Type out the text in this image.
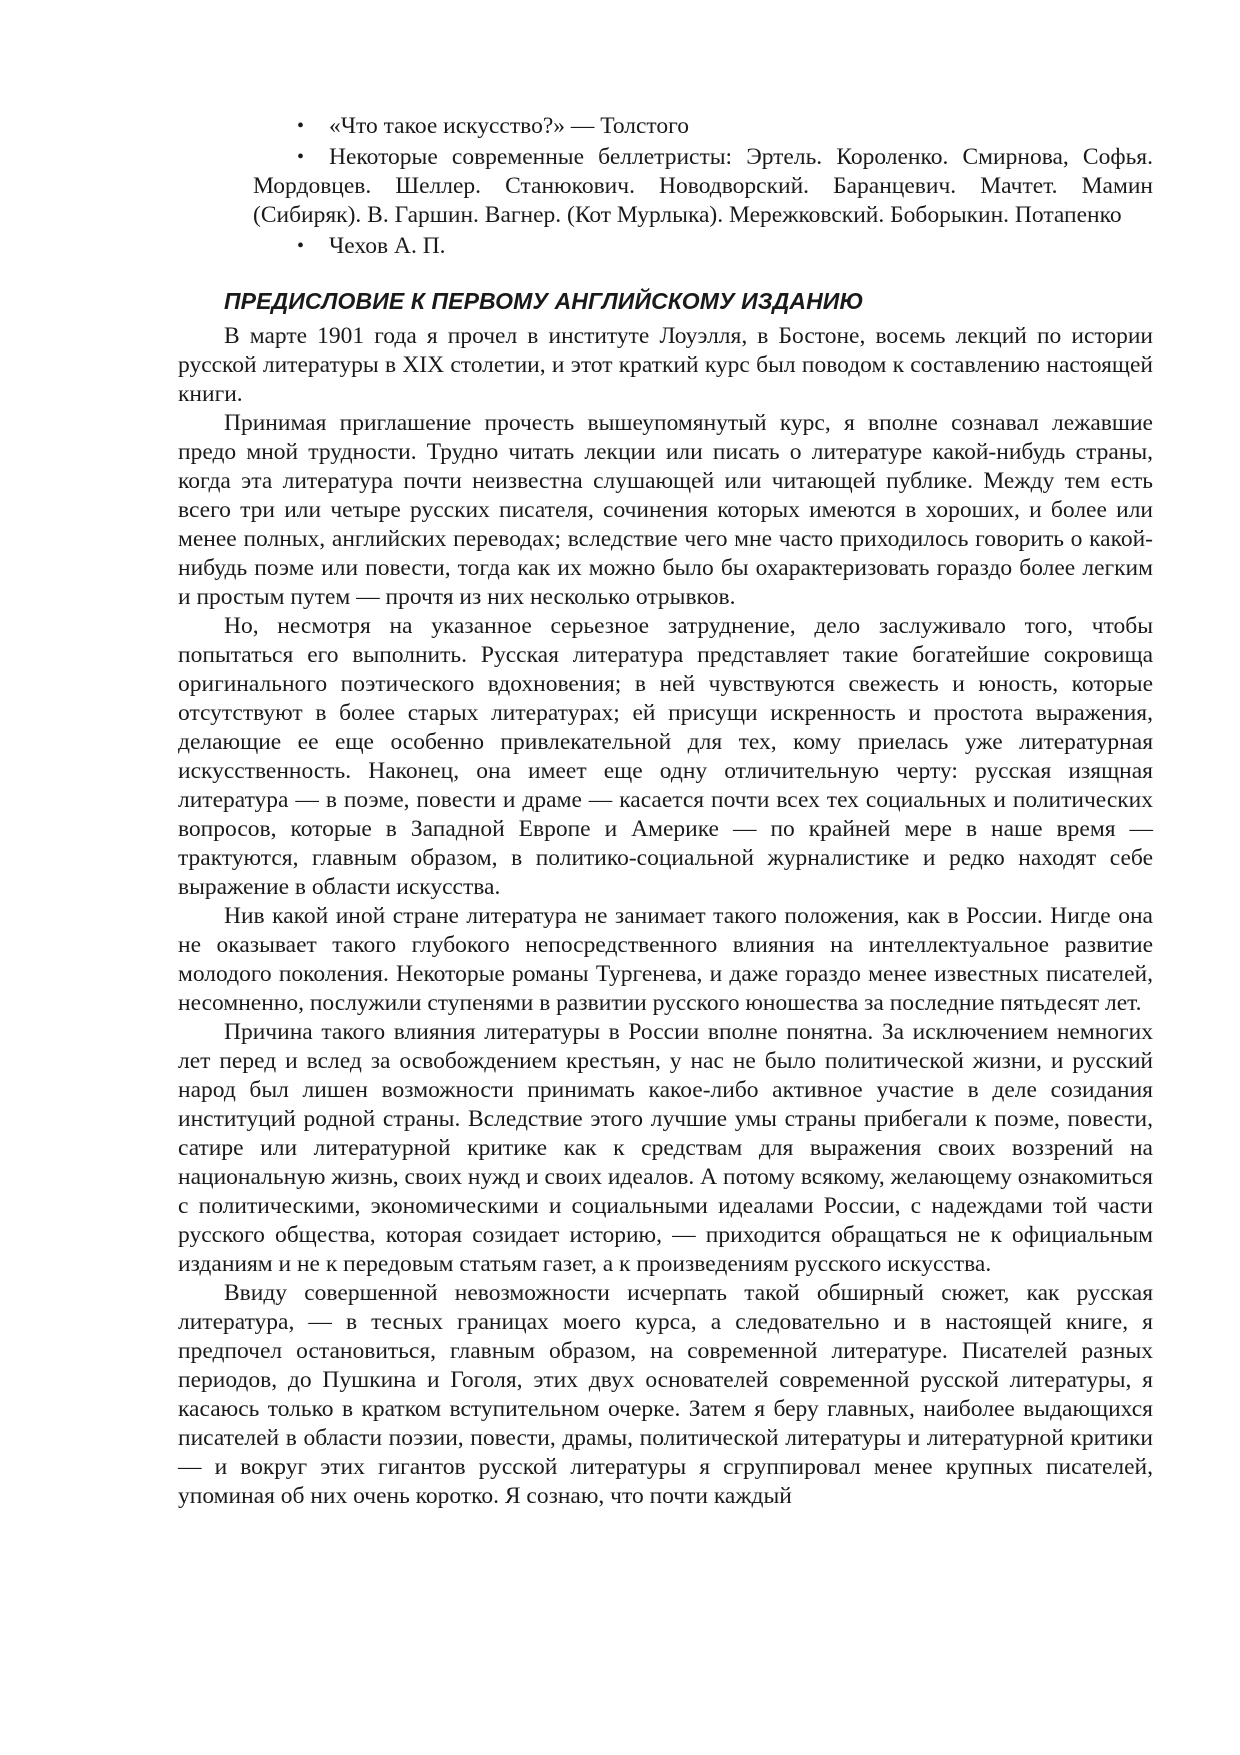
• «Что такое искусство?» — Толстого
•	Некоторые современные беллетристы: Эртель. Короленко. Смирнова, Софья. Мордовцев. Шеллер. Станюкович. Новодворский. Баранцевич. Мачтет. Мамин (Сибиряк). В. Гаршин. Вагнер. (Кот Мурлыка). Мережковский. Боборыкин. Потапенко
• Чехов А. П.
ПРЕДИСЛОВИЕ К ПЕРВОМУ АНГЛИЙСКОМУ ИЗДАНИЮ

В марте 1901 года я прочел в институте Лоуэлля, в Бостоне, восемь лекций по истории русской литературы в XIX столетии, и этот краткий курс был поводом к составлению настоящей книги.

Принимая приглашение прочесть вышеупомянутый курс, я вполне сознавал лежавшие предо мной трудности. Трудно читать лекции или писать о литературе какой-нибудь страны, когда эта литература почти неизвестна слушающей или читающей публике. Между тем есть всего три или четыре русских писателя, сочинения которых имеются в хороших, и более или менее полных, английских переводах; вследствие чего мне часто приходилось говорить о какой-нибудь поэме или повести, тогда как их можно было бы охарактеризовать гораздо более легким и простым путем — прочтя из них несколько отрывков.

Но, несмотря на указанное серьезное затруднение, дело заслуживало того, чтобы попытаться его выполнить. Русская литература представляет такие богатейшие сокровища оригинального поэтического вдохновения; в ней чувствуются свежесть и юность, которые отсутствуют в более старых литературах; ей присущи искренность и простота выражения, делающие ее еще особенно привлекательной для тех, кому приелась уже литературная искусственность. Наконец, она имеет еще одну отличительную черту: русская изящная литература — в поэме, повести и драме — касается почти всех тех социальных и политических вопросов, которые в Западной Европе и Америке — по крайней мере в наше время — трактуются, главным образом, в политико-социальной журналистике и редко находят себе выражение в области искусства.

Нив какой иной стране литература не занимает такого положения, как в России. Нигде она не оказывает такого глубокого непосредственного влияния на интеллектуальное развитие молодого поколения. Некоторые романы Тургенева, и даже гораздо менее известных писателей, несомненно, послужили ступенями в развитии русского юношества за последние пятьдесят лет.

Причина такого влияния литературы в России вполне понятна. За исключением немногих лет перед и вслед за освобождением крестьян, у нас не было политической жизни, и русский народ был лишен возможности принимать какое-либо активное участие в деле созидания институций родной страны. Вследствие этого лучшие умы страны прибегали к поэме, повести, сатире или литературной критике как к средствам для выражения своих воззрений на национальную жизнь, своих нужд и своих идеалов. А потому всякому, желающему ознакомиться с политическими, экономическими и социальными идеалами России, с надеждами той части русского общества, которая созидает историю, — приходится обращаться не к официальным изданиям и не к передовым статьям газет, а к произведениям русского искусства.

Ввиду совершенной невозможности исчерпать такой обширный сюжет, как русская литература, — в тесных границах моего курса, а следовательно и в настоящей книге, я предпочел остановиться, главным образом, на современной литературе. Писателей разных периодов, до Пушкина и Гоголя, этих двух основателей современной русской литературы, я касаюсь только в кратком вступительном очерке. Затем я беру главных, наиболее выдающихся писателей в области поэзии, повести, драмы, политической литературы и литературной критики — и вокруг этих гигантов русской литературы я сгруппировал менее крупных писателей, упоминая об них очень коротко. Я сознаю, что почти каждый
